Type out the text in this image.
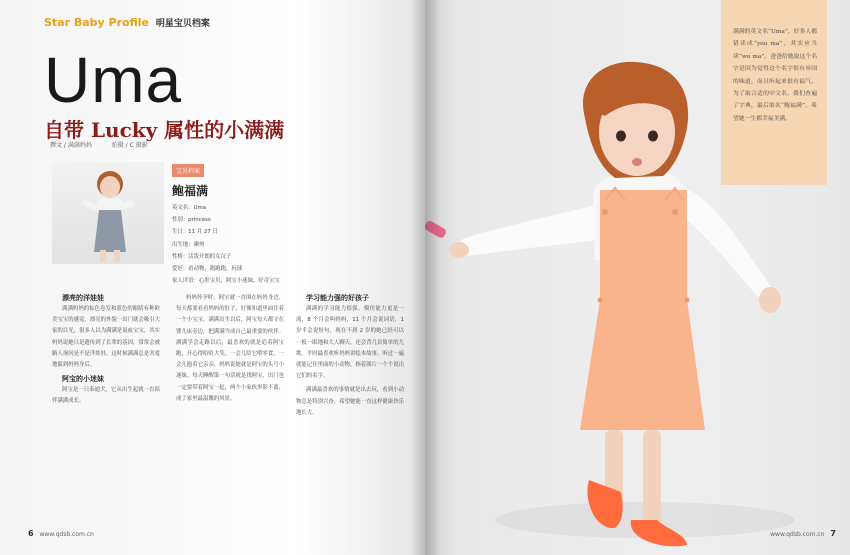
Star Baby Profile 明星宝贝档案
Uma
自带 Lucky 属性的小满满
撰文 / 满满妈妈	拍摄 / C 摄影
宝贝档案
鲍福满
英文名：Uma
性别：princess
生日：11 月 27 日
出生地：漯州
性格：活泼开朗的女汉子
爱好：看动物，跑跑跑，玩球
家人评语：心肝宝贝，阿宝小迷妹，好奇宝宝
漂亮的洋娃娃

满满妈妈的棕色卷发和蓝色的眼睛有种欧美宝宝的感觉，漂亮的外貌一出门就会吸引大家的目光，很多人以为满满是混血宝宝，其实妈妈说她只是遗传到了长辈的基因，常常会被路人询问是不是洋娃娃，这时候满满总是害羞地躲到妈妈身后。

阿宝的小迷妹

阿宝是一只泰迪犬，它从出生起就一直陪伴满满成长。

妈妈怀孕时，阿宝就一直围在妈妈身边，每天都要看看妈妈的肚子，好像知道里面住着一个小宝宝。满满出生以后，阿宝每天都守在婴儿床旁边，把满满当成自己最重要的伙伴。满满学会走路以后，最喜欢的就是追着阿宝跑，开心得哈哈大笑，一会儿给它喂零食，一会儿抱着它亲亲，妈妈说她就是阿宝的头号小迷妹。每天睡醒第一句话就是找阿宝，出门也一定要带着阿宝一起，两个小家伙形影不离，成了家里最温馨的风景。

学习能力强的好孩子

满满的学习能力很强，模仿能力更是一流，8 个月会叫妈妈，11 个月会说词语，1 岁半会说短句，现在不到 2 岁的她已经可以一板一眼地和大人聊天，还会背几首简单的儿歌。平时最喜欢听妈妈讲绘本故事，听过一遍就能记住里面的小动物，指着图片一个个说出它们的名字。

满满最喜欢的事情就是出去玩，看到小动物总是特别兴奋，希望她能一直这样健康快乐地长大。

6 www.qdsb.com.cn	www.qdsb.com.cn 7

满满的英文名“Uma”，好多人都错读成“you ma”，其实应当读“wu ma”。爸爸给她取这个名字是因为觉得这个名字很有异国的味道，而且听起来很有福气。为了取合适的中文名，我们查遍了字典，最后取名“鲍福满”，希望她一生都幸福美满。
